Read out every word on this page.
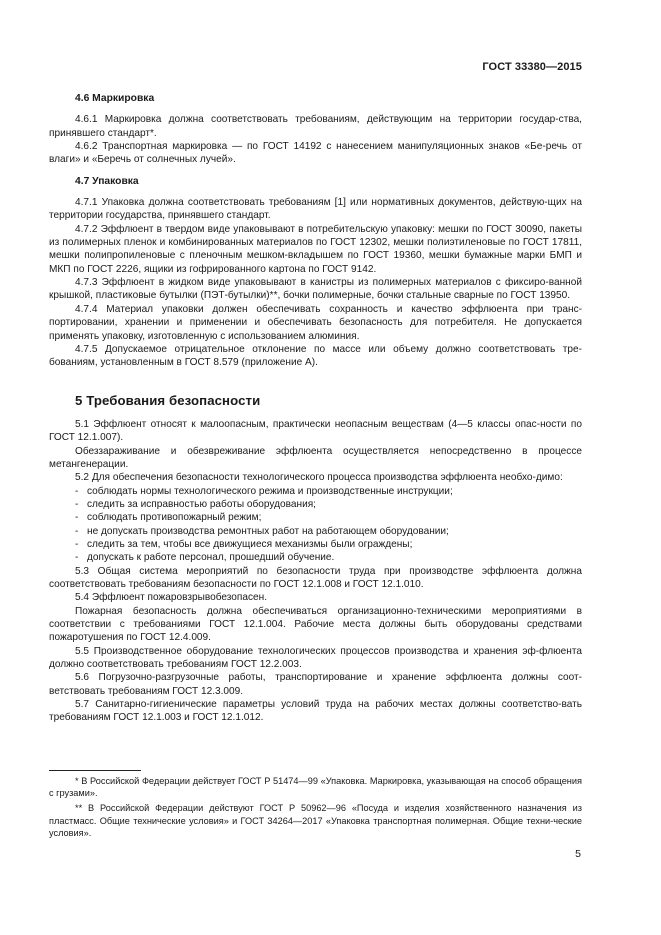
ГОСТ 33380—2015
4.6 Маркировка

4.6.1 Маркировка должна соответствовать требованиям, действующим на территории государ-ства, принявшего стандарт*.

4.6.2 Транспортная маркировка — по ГОСТ 14192 с нанесением манипуляционных знаков «Бе-речь от влаги» и «Беречь от солнечных лучей».

4.7 Упаковка

4.7.1 Упаковка должна соответствовать требованиям [1] или нормативных документов, действую-щих на территории государства, принявшего стандарт.

4.7.2 Эффлюент в твердом виде упаковывают в потребительскую упаковку: мешки по ГОСТ 30090, пакеты из полимерных пленок и комбинированных материалов по ГОСТ 12302, мешки полиэтиленовые по ГОСТ 17811, мешки полипропиленовые с пленочным мешком-вкладышем по ГОСТ 19360, мешки бумажные марки БМП и МКП по ГОСТ 2226, ящики из гофрированного картона по ГОСТ 9142.

4.7.3 Эффлюент в жидком виде упаковывают в канистры из полимерных материалов с фиксиро-ванной крышкой, пластиковые бутылки (ПЭТ-бутылки)**, бочки полимерные, бочки стальные сварные по ГОСТ 13950.

4.7.4 Материал упаковки должен обеспечивать сохранность и качество эффлюента при транс-портировании, хранении и применении и обеспечивать безопасность для потребителя. Не допускается применять упаковку, изготовленную с использованием алюминия.

4.7.5 Допускаемое отрицательное отклонение по массе или объему должно соответствовать тре-бованиям, установленным в ГОСТ 8.579 (приложение А).

5 Требования безопасности

5.1 Эффлюент относят к малоопасным, практически неопасным веществам (4—5 классы опас-ности по ГОСТ 12.1.007).

Обеззараживание и обезвреживание эффлюента осуществляется непосредственно в процессе метангенерации.

5.2 Для обеспечения безопасности технологического процесса производства эффлюента необхо-димо:

- соблюдать нормы технологического режима и производственные инструкции;
- следить за исправностью работы оборудования;
- соблюдать противопожарный режим;
- не допускать производства ремонтных работ на работающем оборудовании;
- следить за тем, чтобы все движущиеся механизмы были ограждены;
- допускать к работе персонал, прошедший обучение.

5.3 Общая система мероприятий по безопасности труда при производстве эффлюента должна соответствовать требованиям безопасности по ГОСТ 12.1.008 и ГОСТ 12.1.010.

5.4 Эффлюент пожаровзрывобезопасен.

Пожарная безопасность должна обеспечиваться организационно-техническими мероприятиями в соответствии с требованиями ГОСТ 12.1.004. Рабочие места должны быть оборудованы средствами пожаротушения по ГОСТ 12.4.009.

5.5 Производственное оборудование технологических процессов производства и хранения эф-флюента должно соответствовать требованиям ГОСТ 12.2.003.

5.6 Погрузочно-разгрузочные работы, транспортирование и хранение эффлюента должны соот-ветствовать требованиям ГОСТ 12.3.009.

5.7 Санитарно-гигиенические параметры условий труда на рабочих местах должны соответство-вать требованиям ГОСТ 12.1.003 и ГОСТ 12.1.012.

* В Российской Федерации действует ГОСТ Р 51474—99 «Упаковка. Маркировка, указывающая на способ обращения с грузами».

** В Российской Федерации действуют ГОСТ Р 50962—96 «Посуда и изделия хозяйственного назначения из пластмасс. Общие технические условия» и ГОСТ 34264—2017 «Упаковка транспортная полимерная. Общие техни-ческие условия».

5
